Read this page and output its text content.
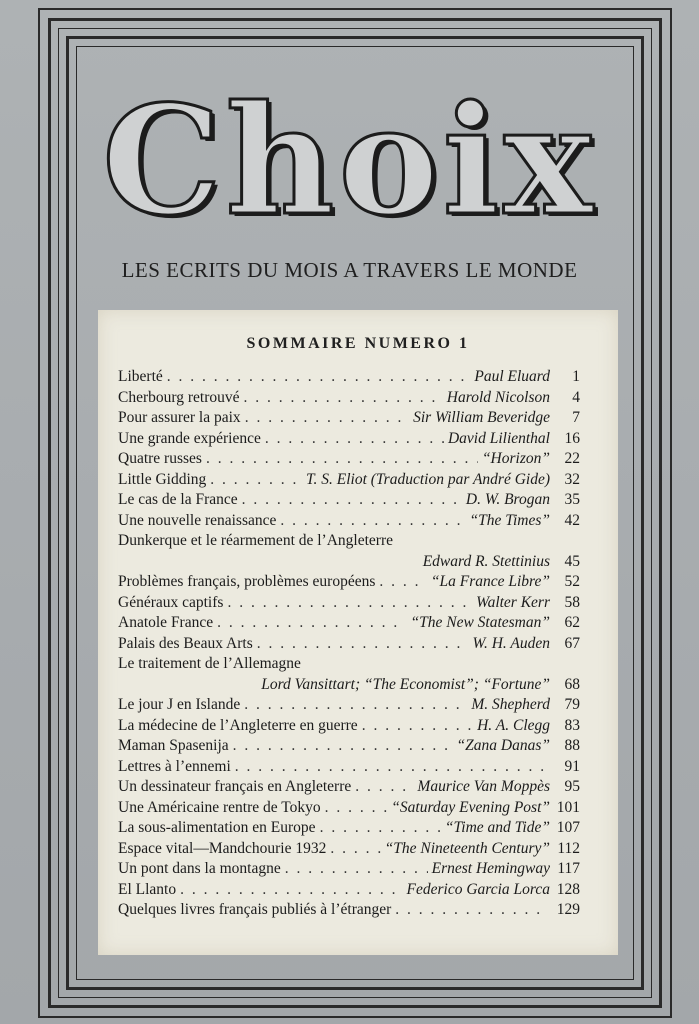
Choix
LES ECRITS DU MOIS A TRAVERS LE MONDE
SOMMAIRE NUMERO 1
Liberté . . .	Paul Eluard	1
Cherbourg retrouvé . . .	Harold Nicolson	4
Pour assurer la paix . . .	Sir William Beveridge	7
Une grande expérience . . .	David Lilienthal 16
Quatre russes . . .	“Horizon” 22
Little Gidding . . .	T. S. Eliot (Traduction par André Gide) 32
Le cas de la France . . .	D. W. Brogan 35
Une nouvelle renaissance . . .	“The Times” 42
Dunkerque et le réarmement de l’Angleterre
Edward R. Stettinius 45
Problèmes français, problèmes européens . . .	“La France Libre” 52
Généraux captifs . . .	Walter Kerr 58
Anatole France . . .	“The New Statesman” 62
Palais des Beaux Arts . . .	W. H. Auden 67
Le traitement de l’Allemagne
Lord Vansittart; “The Economist”; “Fortune” 68
Le jour J en Islande . . .	M. Shepherd 79
La médecine de l’Angleterre en guerre . . .	H. A. Clegg 83
Maman Spasenija . . .	“Zana Danas” 88
Lettres à l’ennemi . . .	91
Un dessinateur français en Angleterre . . .	Maurice Van Moppès 95
Une Américaine rentre de Tokyo . . .	“Saturday Evening Post” 101
La sous-alimentation en Europe . . .	“Time and Tide” 107
Espace vital—Mandchourie 1932 . . .	“The Nineteenth Century” 112
Un pont dans la montagne . . .	Ernest Hemingway 117
El Llanto . . .	Federico Garcia Lorca 128
Quelques livres français publiés à l’étranger . . .	129
